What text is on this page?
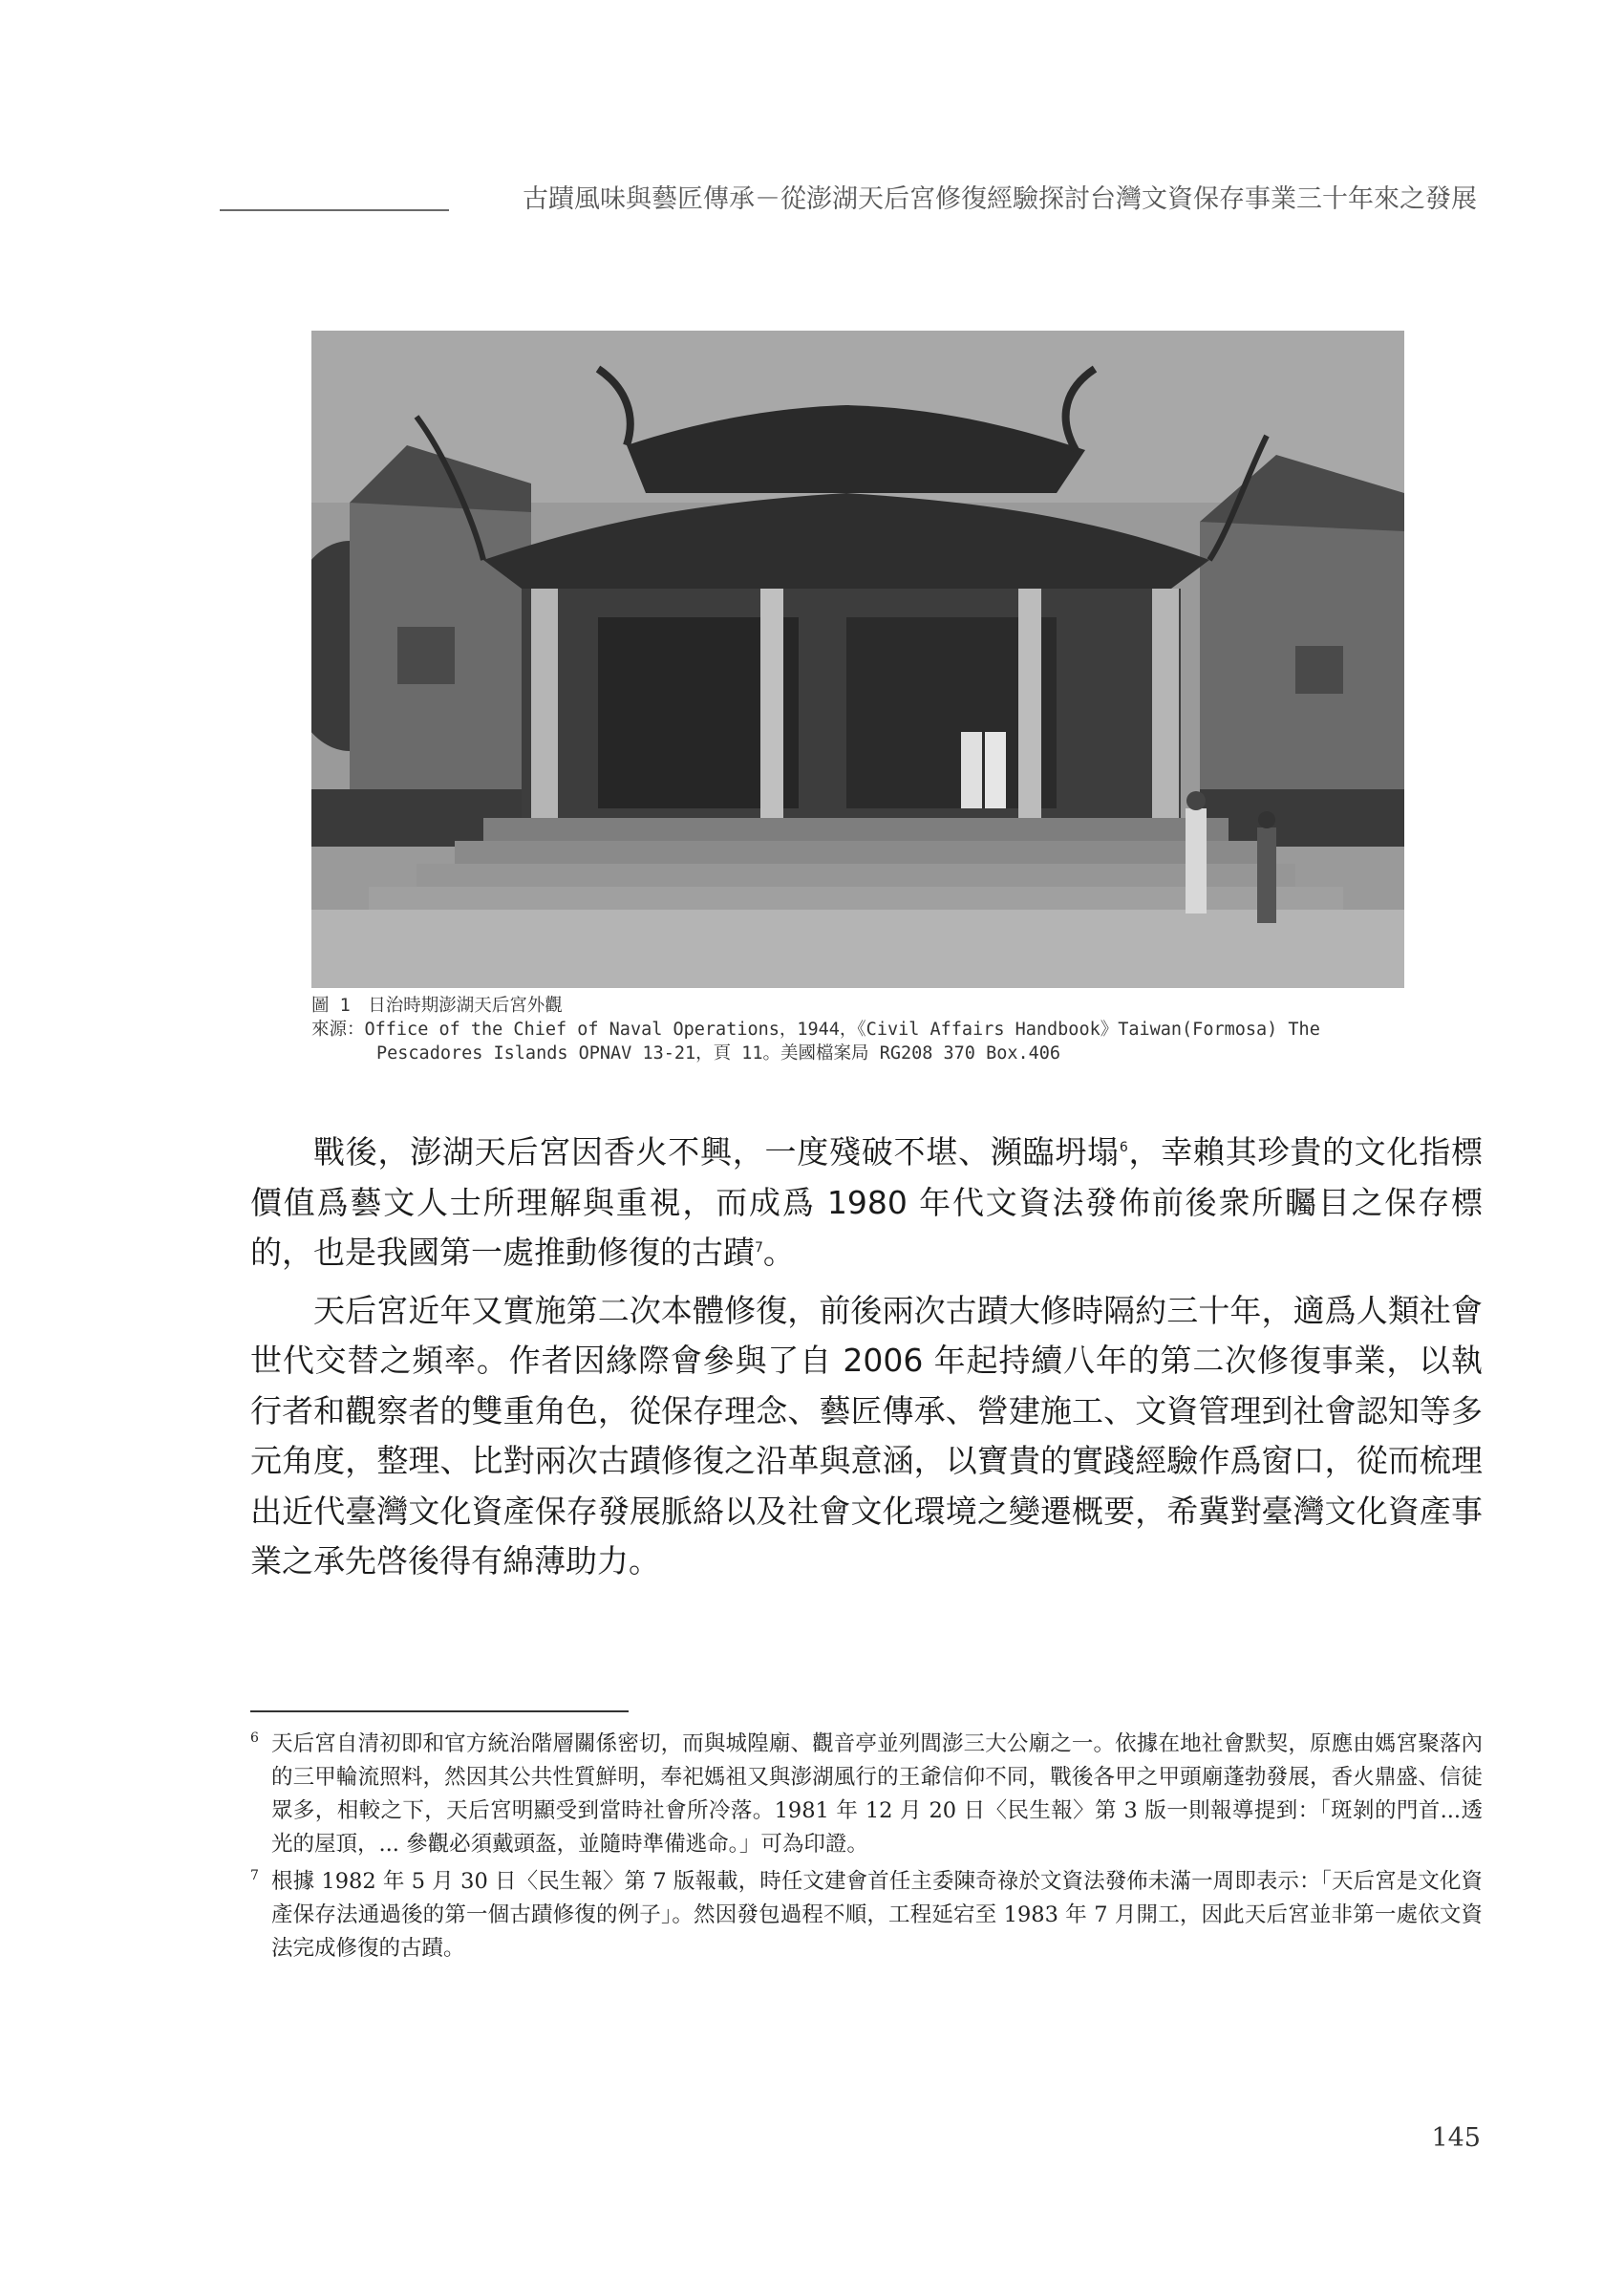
古蹟風味與藝匠傳承－從澎湖天后宮修復經驗探討台灣文資保存事業三十年來之發展
圖 1　日治時期澎湖天后宮外觀
來源：Office of the Chief of Naval Operations，1944，《Civil Affairs Handbook》Taiwan(Formosa) The
Pescadores Islands OPNAV 13-21，頁 11。美國檔案局 RG208 370 Box.406

戰後，澎湖天后宮因香火不興，一度殘破不堪、瀕臨坍塌$^6$，幸賴其珍貴的文化指標價值爲藝文人士所理解與重視，而成爲 1980 年代文資法發佈前後衆所矚目之保存標的，也是我國第一處推動修復的古蹟$^7$。

天后宮近年又實施第二次本體修復，前後兩次古蹟大修時隔約三十年，適爲人類社會世代交替之頻率。作者因緣際會參與了自 2006 年起持續八年的第二次修復事業，以執行者和觀察者的雙重角色，從保存理念、藝匠傳承、營建施工、文資管理到社會認知等多元角度，整理、比對兩次古蹟修復之沿革與意涵，以寶貴的實踐經驗作爲窗口，從而梳理出近代臺灣文化資產保存發展脈絡以及社會文化環境之變遷概要，希冀對臺灣文化資產事業之承先啓後得有綿薄助力。

6 天后宮自清初即和官方統治階層關係密切，而與城隍廟、觀音亭並列閭澎三大公廟之一。依據在地社會默契，原應由媽宮聚落內的三甲輪流照料，然因其公共性質鮮明，奉祀媽祖又與澎湖風行的王爺信仰不同，戰後各甲之甲頭廟蓬勃發展，香火鼎盛、信徒眾多，相較之下，天后宮明顯受到當時社會所冷落。1981 年 12 月 20 日〈民生報〉第 3 版一則報導提到：「斑剝的門首...透光的屋頂，... 參觀必須戴頭盔，並隨時準備逃命。」可為印證。
7 根據 1982 年 5 月 30 日〈民生報〉第 7 版報載，時任文建會首任主委陳奇祿於文資法發佈未滿一周即表示：「天后宮是文化資產保存法通過後的第一個古蹟修復的例子」。然因發包過程不順，工程延宕至 1983 年 7 月開工，因此天后宮並非第一處依文資法完成修復的古蹟。
145
